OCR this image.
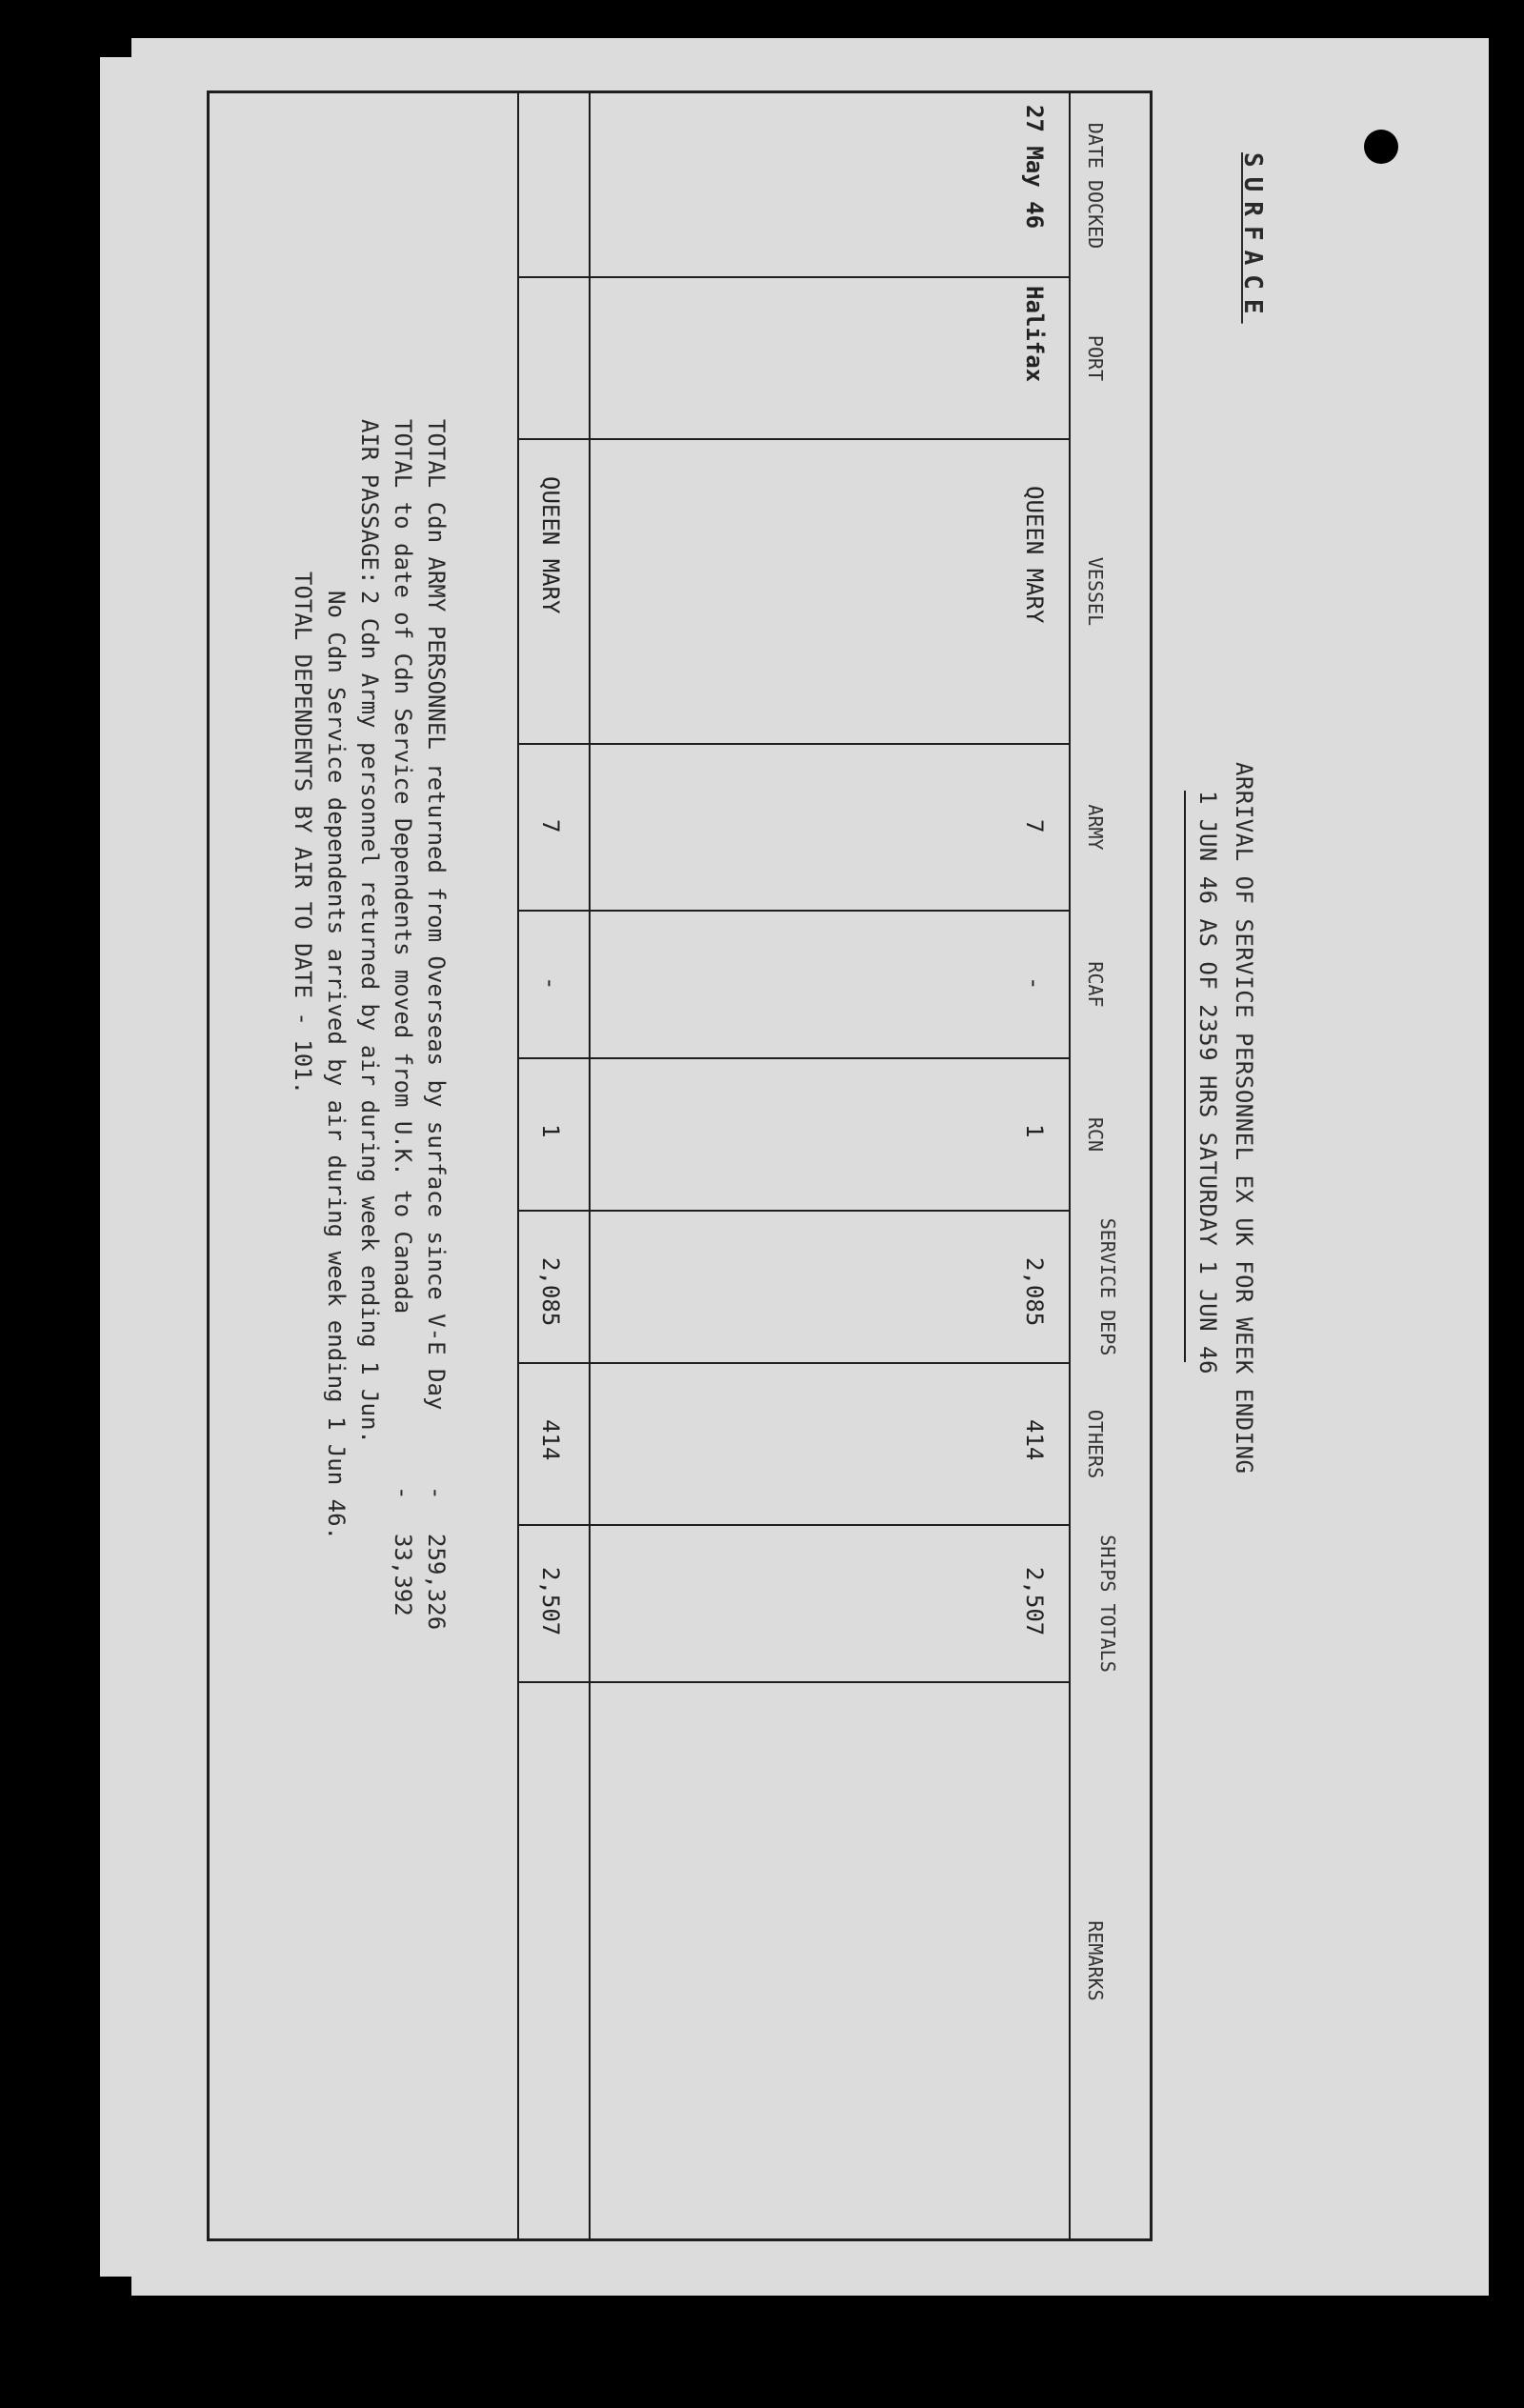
SURFACE
ARRIVAL OF SERVICE PERSONNEL EX UK FOR WEEK ENDING
1 JUN 46 AS OF 2359 HRS SATURDAY 1 JUN 46
DATE DOCKED
PORT
VESSEL
ARMY
RCAF
RCN
SERVICE DEPS
OTHERS
SHIPS TOTALS
REMARKS
27 May 46
Halifax
QUEEN MARY
7
-
1
2,085
414
2,507
QUEEN MARY
7
-
1
2,085
414
2,507
TOTAL Cdn ARMY PERSONNEL returned from Overseas by surface since V-E Day
-
259,326
TOTAL to date of Cdn Service Dependents moved from U.K. to Canada
-
33,392
AIR PASSAGE:
2 Cdn Army personnel returned by air during week ending 1 Jun.
No Cdn Service dependents arrived by air during week ending 1 Jun 46.
TOTAL DEPENDENTS BY AIR TO DATE - 101.
